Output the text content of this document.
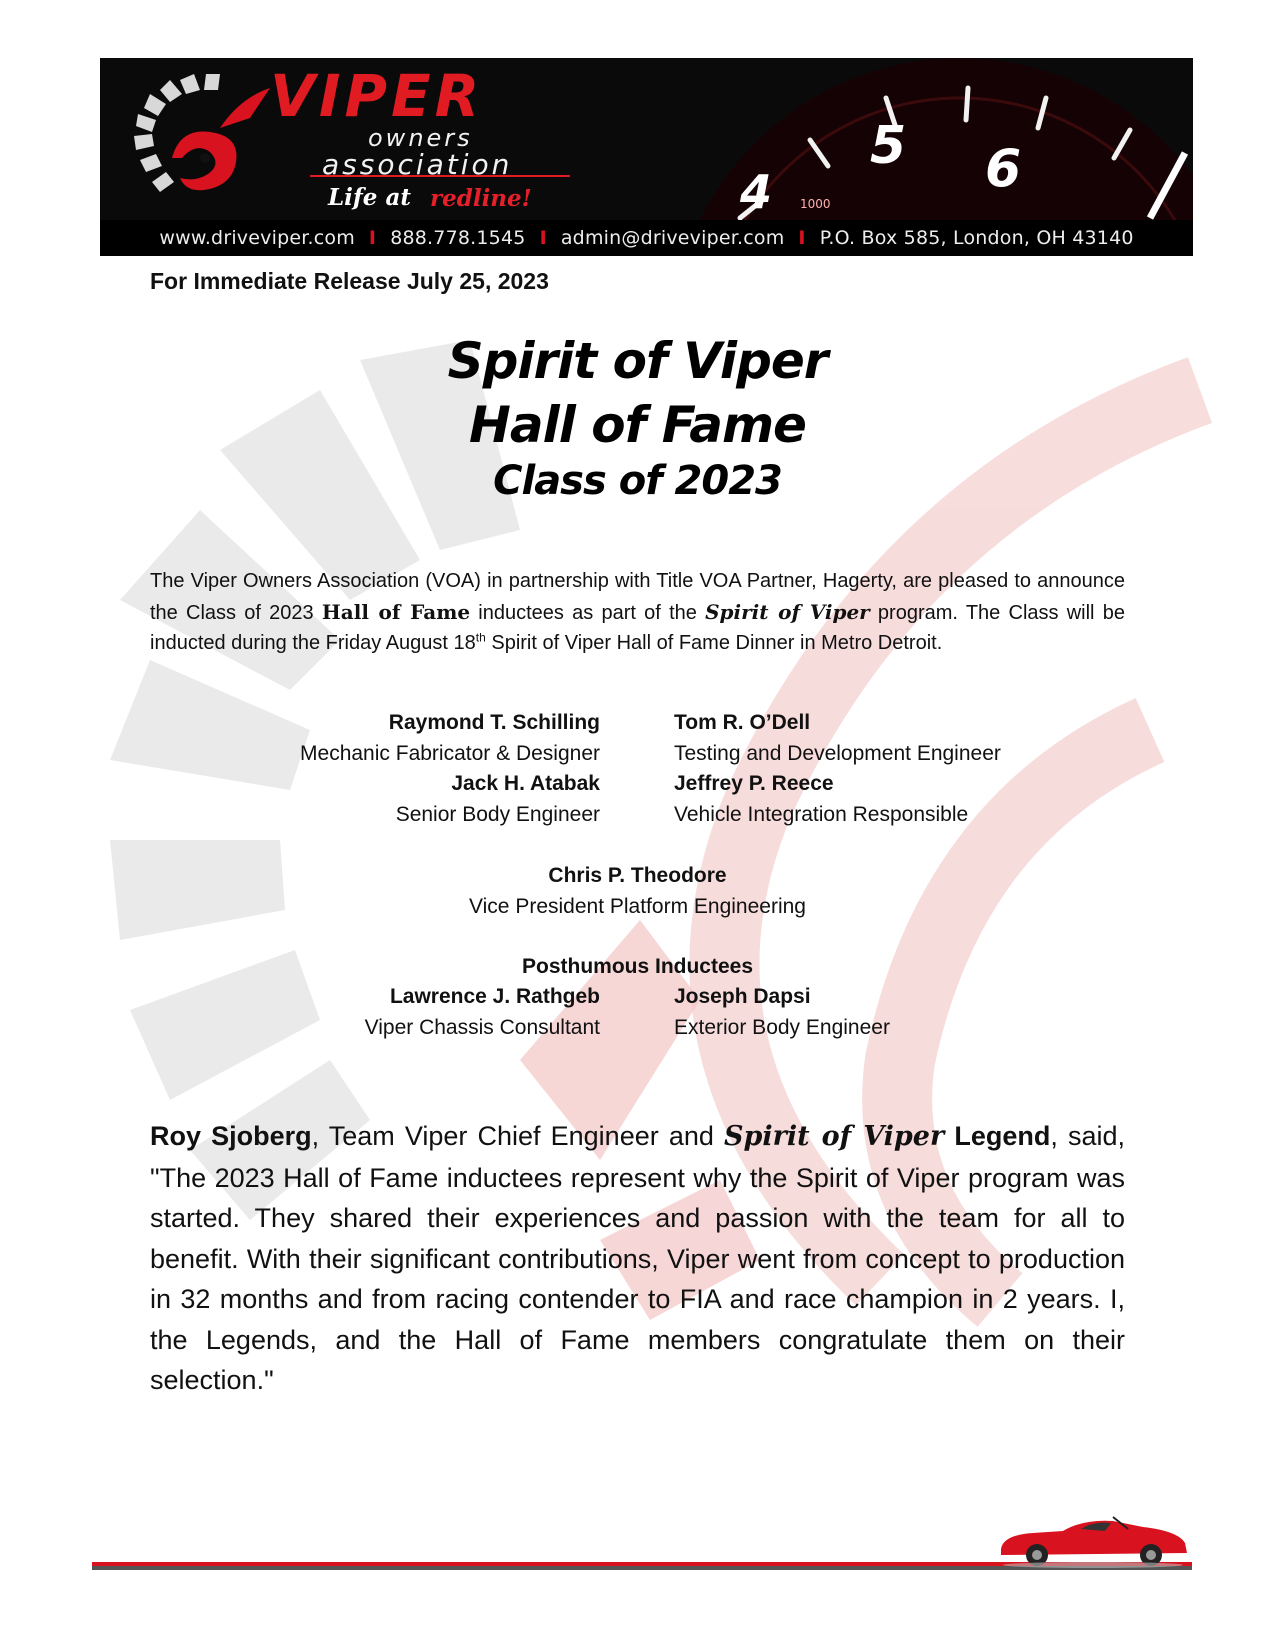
4
5 6
1000
VIPER
owners
association
Life at redline!
www.driveviper.com I 888.778.1545 I admin@driveviper.com I P.O. Box 585, London, OH 43140
For Immediate Release July 25, 2023
Spirit of Viper
Hall of Fame
Class of 2023

The Viper Owners Association (VOA) in partnership with Title VOA Partner, Hagerty, are pleased to announce the Class of 2023 Hall of Fame inductees as part of the Spirit of Viper program. The Class will be inducted during the Friday August 18th Spirit of Viper Hall of Fame Dinner in Metro Detroit.

Raymond T. Schilling
Mechanic Fabricator & Designer
Jack H. Atabak
Senior Body Engineer
Tom R. O’Dell
Testing and Development Engineer
Jeffrey P. Reece
Vehicle Integration Responsible
Chris P. Theodore
Vice President Platform Engineering
Posthumous Inductees
Lawrence J. Rathgeb
Viper Chassis Consultant
Joseph Dapsi
Exterior Body Engineer

Roy Sjoberg, Team Viper Chief Engineer and Spirit of Viper Legend, said, "The 2023 Hall of Fame inductees represent why the Spirit of Viper program was started. They shared their experiences and passion with the team for all to benefit. With their significant contributions, Viper went from concept to production in 32 months and from racing contender to FIA and race champion in 2 years. I, the Legends, and the Hall of Fame members congratulate them on their selection."
